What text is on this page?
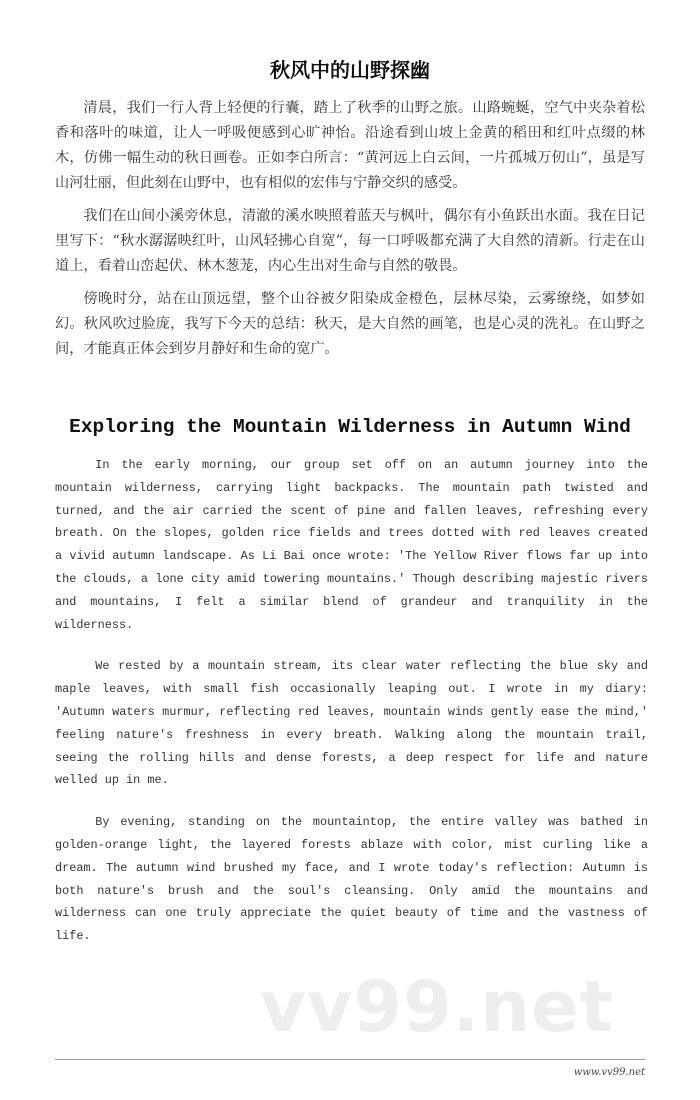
秋风中的山野探幽

清晨，我们一行人背上轻便的行囊，踏上了秋季的山野之旅。山路蜿蜒，空气中夹杂着松香和落叶的味道，让人一呼吸便感到心旷神怡。沿途看到山坡上金黄的稻田和红叶点缀的林木，仿佛一幅生动的秋日画卷。正如李白所言：“黄河远上白云间，一片孤城万仞山”，虽是写山河壮丽，但此刻在山野中，也有相似的宏伟与宁静交织的感受。

我们在山间小溪旁休息，清澈的溪水映照着蓝天与枫叶，偶尔有小鱼跃出水面。我在日记里写下：“秋水潺潺映红叶，山风轻拂心自宽”，每一口呼吸都充满了大自然的清新。行走在山道上，看着山峦起伏、林木葱茏，内心生出对生命与自然的敬畏。

傍晚时分，站在山顶远望，整个山谷被夕阳染成金橙色，层林尽染，云雾缭绕，如梦如幻。秋风吹过脸庞，我写下今天的总结：秋天，是大自然的画笔，也是心灵的洗礼。在山野之间，才能真正体会到岁月静好和生命的宽广。

Exploring the Mountain Wilderness in Autumn Wind

In the early morning, our group set off on an autumn journey into the mountain wilderness, carrying light backpacks. The mountain path twisted and turned, and the air carried the scent of pine and fallen leaves, refreshing every breath. On the slopes, golden rice fields and trees dotted with red leaves created a vivid autumn landscape. As Li Bai once wrote: 'The Yellow River flows far up into the clouds, a lone city amid towering mountains.' Though describing majestic rivers and mountains, I felt a similar blend of grandeur and tranquility in the wilderness.

We rested by a mountain stream, its clear water reflecting the blue sky and maple leaves, with small fish occasionally leaping out. I wrote in my diary: 'Autumn waters murmur, reflecting red leaves, mountain winds gently ease the mind,' feeling nature's freshness in every breath. Walking along the mountain trail, seeing the rolling hills and dense forests, a deep respect for life and nature welled up in me.

By evening, standing on the mountaintop, the entire valley was bathed in golden-orange light, the layered forests ablaze with color, mist curling like a dream. The autumn wind brushed my face, and I wrote today's reflection: Autumn is both nature's brush and the soul's cleansing. Only amid the mountains and wilderness can one truly appreciate the quiet beauty of time and the vastness of life.

vv99.net
www.vv99.net
